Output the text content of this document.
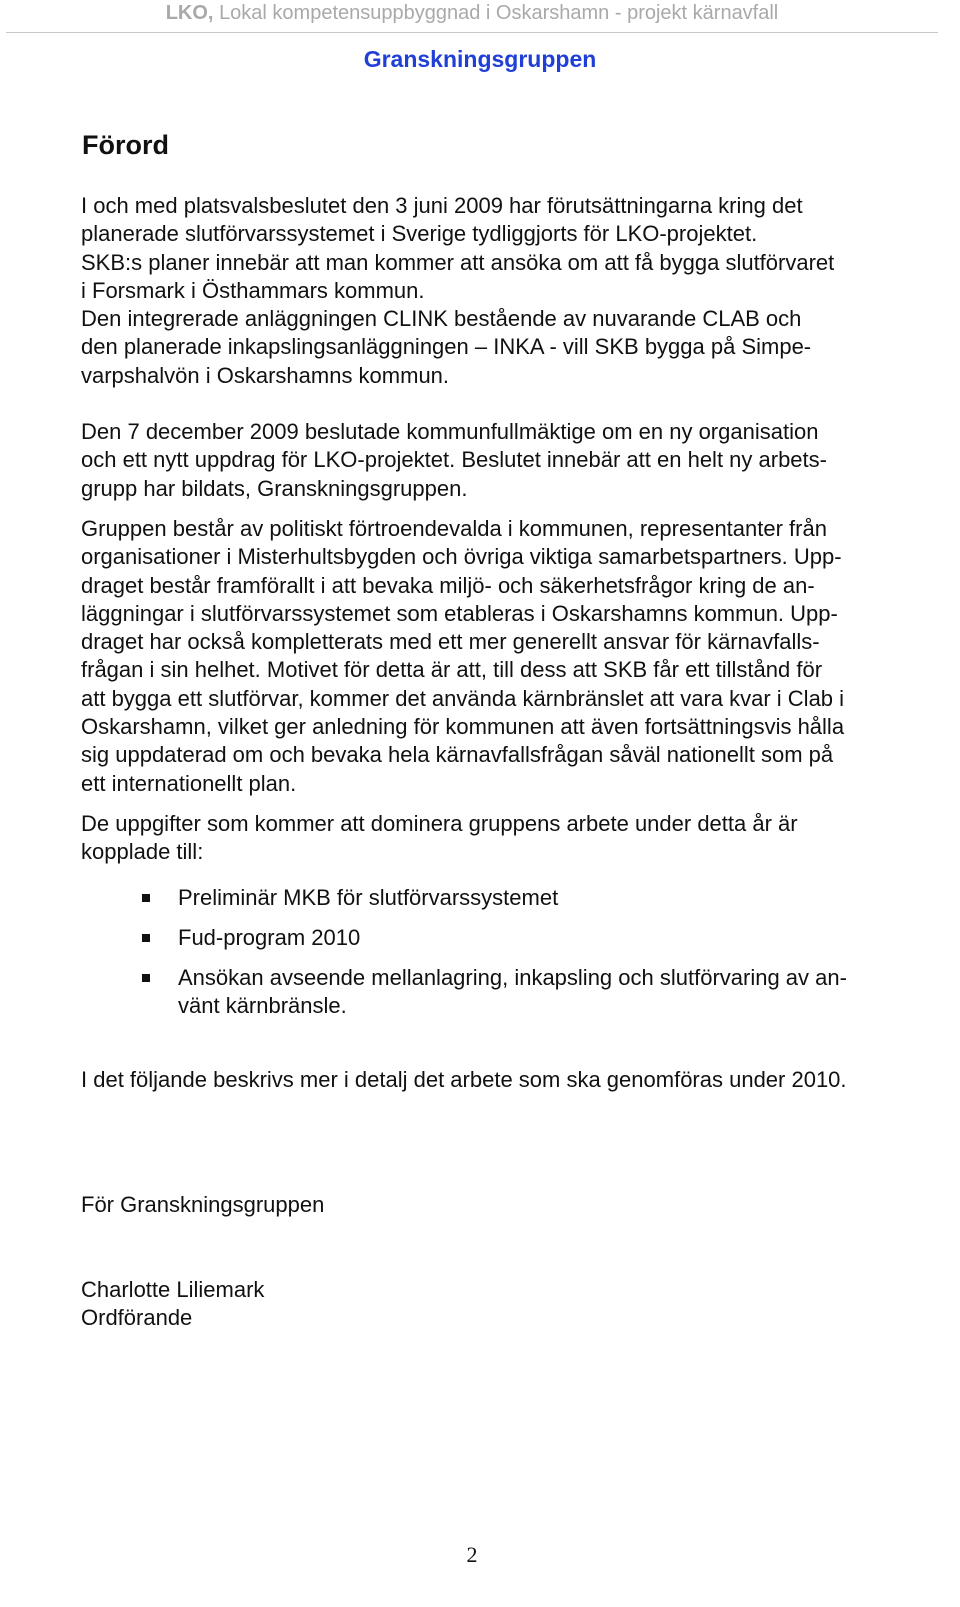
LKO, Lokal kompetensuppbyggnad i Oskarshamn - projekt kärnavfall
Granskningsgruppen
Förord

I och med platsvalsbeslutet den 3 juni 2009 har förutsättningarna kring det
planerade slutförvarssystemet i Sverige tydliggjorts för LKO-projektet.
SKB:s planer innebär att man kommer att ansöka om att få bygga slutförvaret
i Forsmark i Östhammars kommun.
Den integrerade anläggningen CLINK bestående av nuvarande CLAB och
den planerade inkapslingsanläggningen – INKA - vill SKB bygga på Simpe-
varpshalvön i Oskarshamns kommun.

Den 7 december 2009 beslutade kommunfullmäktige om en ny organisation
och ett nytt uppdrag för LKO-projektet. Beslutet innebär att en helt ny arbets-
grupp har bildats, Granskningsgruppen.

Gruppen består av politiskt förtroendevalda i kommunen, representanter från
organisationer i Misterhultsbygden och övriga viktiga samarbetspartners. Upp-
draget består framförallt i att bevaka miljö- och säkerhetsfrågor kring de an-
läggningar i slutförvarssystemet som etableras i Oskarshamns kommun. Upp-
draget har också kompletterats med ett mer generellt ansvar för kärnavfalls-
frågan i sin helhet. Motivet för detta är att, till dess att SKB får ett tillstånd för
att bygga ett slutförvar, kommer det använda kärnbränslet att vara kvar i Clab i
Oskarshamn, vilket ger anledning för kommunen att även fortsättningsvis hålla
sig uppdaterad om och bevaka hela kärnavfallsfrågan såväl nationellt som på
ett internationellt plan.

De uppgifter som kommer att dominera gruppens arbete under detta år är
kopplade till:

Preliminär MKB för slutförvarssystemet
Fud-program 2010
Ansökan avseende mellanlagring, inkapsling och slutförvaring av an-
vänt kärnbränsle.
I det följande beskrivs mer i detalj det arbete som ska genomföras under 2010.
För Granskningsgruppen
Charlotte Liliemark
Ordförande
2
